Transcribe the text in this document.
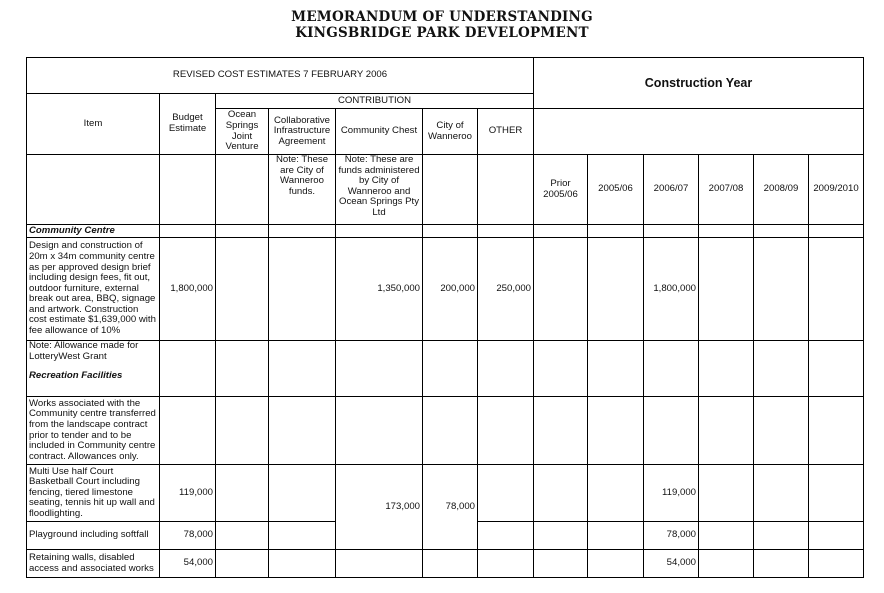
MEMORANDUM OF UNDERSTANDING
KINGSBRIDGE PARK DEVELOPMENT
REVISED COST ESTIMATES 7 FEBRUARY 2006							Construction Year					
Item	Budget Estimate	CONTRIBUTION										
		Ocean Springs Joint Venture	Collaborative Infrastructure Agreement	Community Chest	City of Wanneroo	OTHER						
			Note: These are City of Wanneroo funds.	Note: These are funds administered by City of Wanneroo and Ocean Springs Pty Ltd			Prior 2005/06	2005/06	2006/07	2007/08	2008/09	2009/2010
Community Centre												
Design and construction of 20m x 34m community centre as per approved design brief including design fees, fit out, outdoor furniture, external break out area, BBQ, signage and artwork. Construction cost estimate $1,639,000 with fee allowance of 10%	1,800,000			1,350,000	200,000	250,000			1,800,000			

Note: Allowance made for LotteryWest Grant
Recreation Facilities												

Works associated with the Community centre transferred from the landscape contract prior to tender and to be included in Community centre contract. Allowances only.												
Multi Use half Court Basketball Court including fencing, tiered limestone seating, tennis hit up wall and floodlighting.	119,000			173,000	78,000				119,000			
Playground including softfall	78,000								78,000			
Retaining walls, disabled access and associated works	54,000								54,000			
